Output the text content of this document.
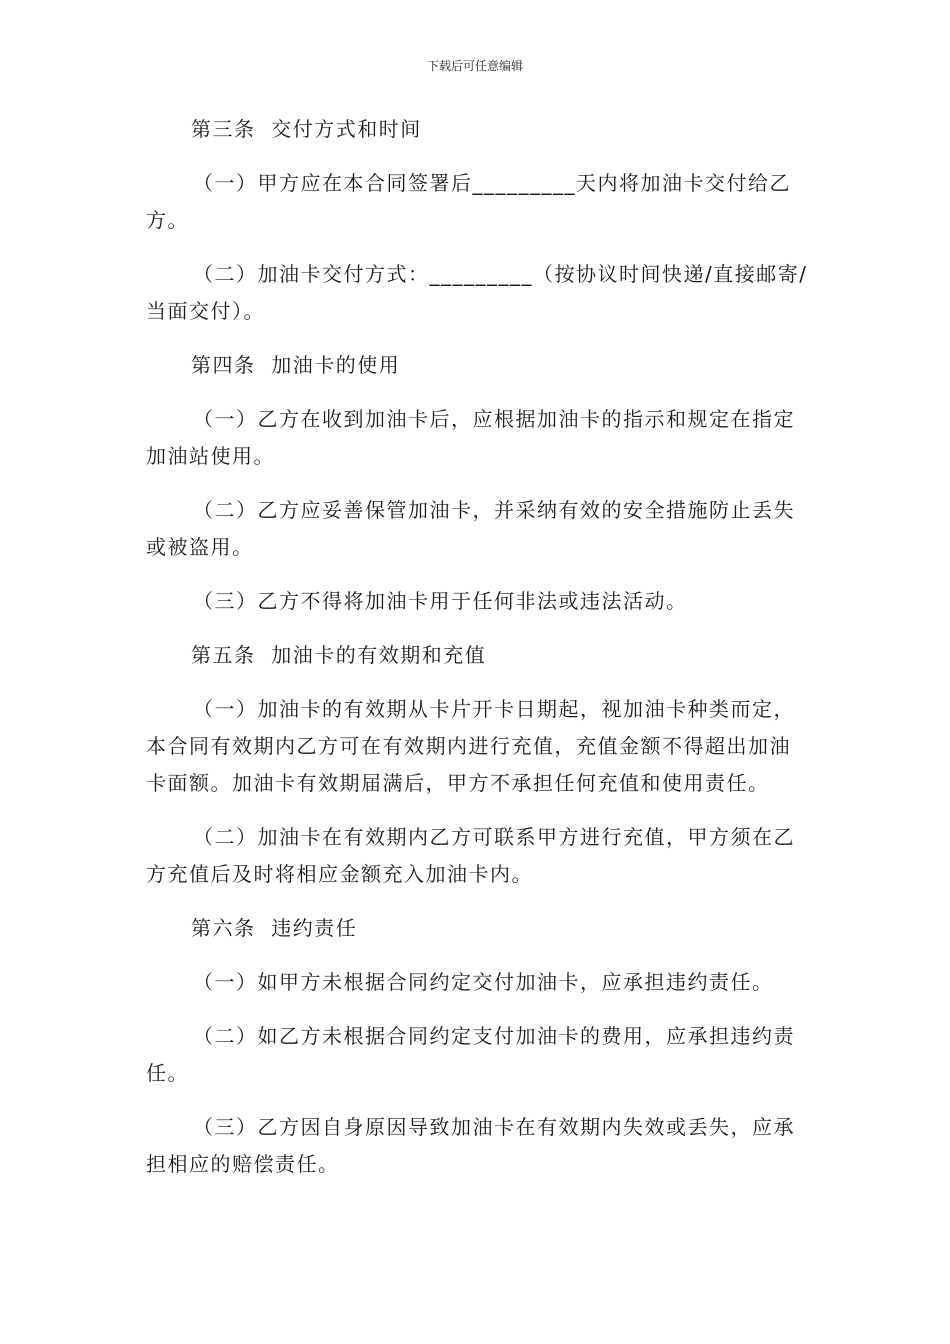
下载后可任意编辑

第三条  交付方式和时间

（一）甲方应在本合同签署后_________天内将加油卡交付给乙方。

（二）加油卡交付方式：_________（按协议时间快递/直接邮寄/当面交付）。

第四条  加油卡的使用

（一）乙方在收到加油卡后，应根据加油卡的指示和规定在指定加油站使用。

（二）乙方应妥善保管加油卡，并采纳有效的安全措施防止丢失或被盗用。

（三）乙方不得将加油卡用于任何非法或违法活动。

第五条  加油卡的有效期和充值

（一）加油卡的有效期从卡片开卡日期起，视加油卡种类而定，本合同有效期内乙方可在有效期内进行充值，充值金额不得超出加油卡面额。加油卡有效期届满后，甲方不承担任何充值和使用责任。

（二）加油卡在有效期内乙方可联系甲方进行充值，甲方须在乙方充值后及时将相应金额充入加油卡内。

第六条  违约责任

（一）如甲方未根据合同约定交付加油卡，应承担违约责任。

（二）如乙方未根据合同约定支付加油卡的费用，应承担违约责任。

（三）乙方因自身原因导致加油卡在有效期内失效或丢失，应承担相应的赔偿责任。
